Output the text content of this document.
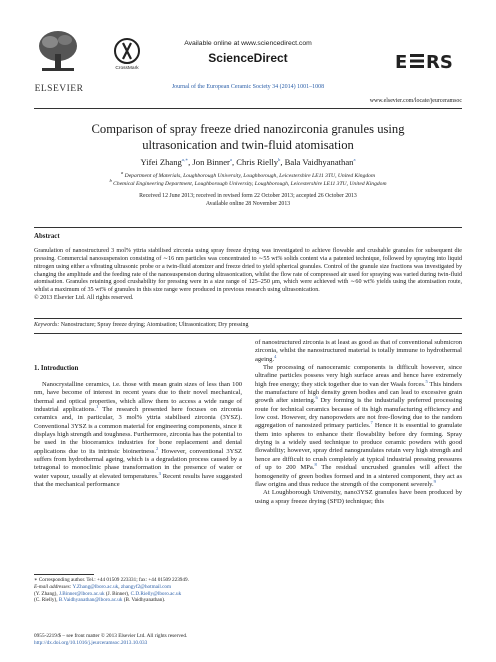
ELSEVIER
CrossMark
Available online at www.sciencedirect.com
ScienceDirect	E RS
Journal of the European Ceramic Society 34 (2014) 1001–1008
www.elsevier.com/locate/jeurceramsoc
Comparison of spray freeze dried nanozirconia granules using
ultrasonication and twin-fluid atomisation
Yifei Zhang$^{a,∗}$, Jon Binner$^a$, Chris Rielly$^b$, Bala Vaidhyanathan$^a$
$^a$ Department of Materials, Loughborough University, Loughborough, Leicestershire LE11 3TU, United Kingdom
$^b$ Chemical Engineering Department, Loughborough University, Loughborough, Leicestershire LE11 3TU, United Kingdom
Received 12 June 2013; received in revised form 22 October 2013; accepted 26 October 2013
Available online 28 November 2013
Abstract

Granulation of nanostructured 3 mol% yttria stabilised zirconia using spray freeze drying was investigated to achieve flowable and crushable granules for subsequent die pressing. Commercial nanosuspension consisting of ∼16 nm particles was concentrated to ∼55 wt% solids content via a patented technique, followed by spraying into liquid nitrogen using either a vibrating ultrasonic probe or a twin-fluid atomizer and freeze dried to yield spherical granules. Control of the granule size fractions was investigated by changing the amplitude and the feeding rate of the nanosuspension during ultrasonication, whilst the flow rate of compressed air used for spraying was varied during twin-fluid atomisation. Granules retaining good crushability for pressing were in a size range of 125–250 μm, which were achieved with ∼60 wt% yields using the atomisation route, whilst a maximum of 35 wt% of granules in this size range were produced in previous research using ultrasonication.

© 2013 Elsevier Ltd. All rights reserved.

Keywords: Nanostructure; Spray freeze drying; Atomisation; Ultrasonication; Dry pressing
1. Introduction

Nanocrystalline ceramics, i.e. those with mean grain sizes of less than 100 nm, have become of interest in recent years due to their novel mechanical, thermal and optical properties, which allow them to access a wide range of industrial applications.$^1$ The research presented here focuses on zirconia ceramics and, in particular, 3 mol% yttria stabilised zirconia (3YSZ). Conventional 3YSZ is a common material for engineering components, since it displays high strength and toughness. Furthermore, zirconia has the potential to be used in the bioceramics industries for bone replacement and dental applications due to its intrinsic bioinertness.$^2$ However, conventional 3YSZ suffers from hydrothermal ageing, which is a degradation process caused by a tetragonal to monoclinic phase transformation in the presence of water or water vapour, usually at elevated temperatures.$^3$ Recent results have suggested that the mechanical performance

∗ Corresponding author. Tel.: +44 01509 223331; fax: +44 01509 223949.
E-mail addresses: Y.Zhang@lboro.ac.uk, zhangyf2@hotmail.com
(Y. Zhang), J.Binner@lboro.ac.uk (J. Binner), C.D.Rielly@lboro.ac.uk
(C. Rielly), B.Vaidhyanathan@lboro.ac.uk (B. Vaidhyanathan).
0955-2219/$ – see front matter © 2013 Elsevier Ltd. All rights reserved.
http://dx.doi.org/10.1016/j.jeurceramsoc.2013.10.033

of nanostructured zirconia is at least as good as that of conventional submicron zirconia, whilst the nanostructured material is totally immune to hydrothermal ageing.$^4$

The processing of nanoceramic components is difficult however, since ultrafine particles possess very high surface areas and hence have extremely high free energy; they stick together due to van der Waals forces.$^5$ This hinders the manufacture of high density green bodies and can lead to excessive grain growth after sintering.$^6$ Dry forming is the industrially preferred processing route for technical ceramics because of its high manufacturing efficiency and low cost. However, dry nanopowders are not free-flowing due to the random aggregation of nanosized primary particles.$^7$ Hence it is essential to granulate them into spheres to enhance their flowability before dry forming. Spray drying is a widely used technique to produce ceramic powders with good flowability; however, spray dried nanogranulates retain very high strength and hence are difficult to crush completely at typical industrial pressing pressures of up to 200 MPa.$^8$ The residual uncrushed granules will affect the homogeneity of green bodies formed and in a sintered component, they act as flaw origins and thus reduce the strength of the component severely.$^9$

At Loughborough University, nano3YSZ granules have been produced by using a spray freeze drying (SFD) technique; this
